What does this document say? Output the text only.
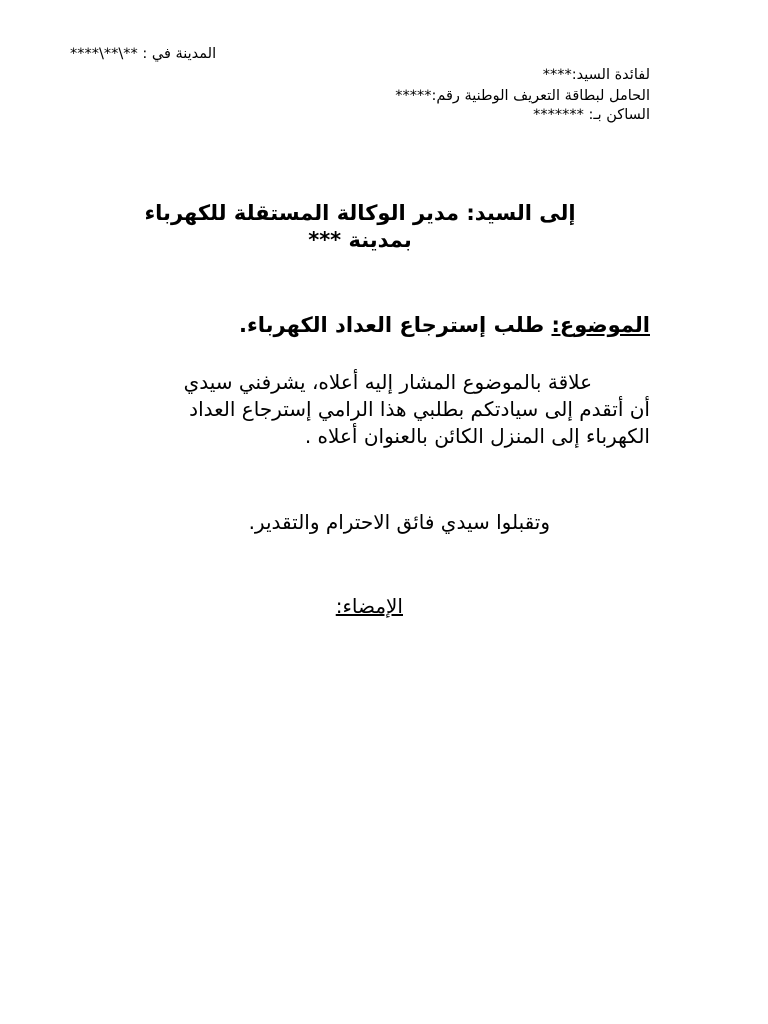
المدينة في : **\**\****
لفائدة السيد:****
الحامل لبطاقة التعريف الوطنية رقم:*****
الساكن بـ: *******
إلى السيد: مدير الوكالة المستقلة للكهرباء
بمدينة ***
الموضوع: طلب إسترجاع العداد الكهرباء.
علاقة بالموضوع المشار إليه أعلاه، يشرفني سيدي
أن أتقدم إلى سيادتكم بطلبي هذا الرامي إسترجاع العداد
الكهرباء إلى المنزل الكائن بالعنوان أعلاه .
وتقبلوا سيدي فائق الاحترام والتقدير.
الإمضاء:
